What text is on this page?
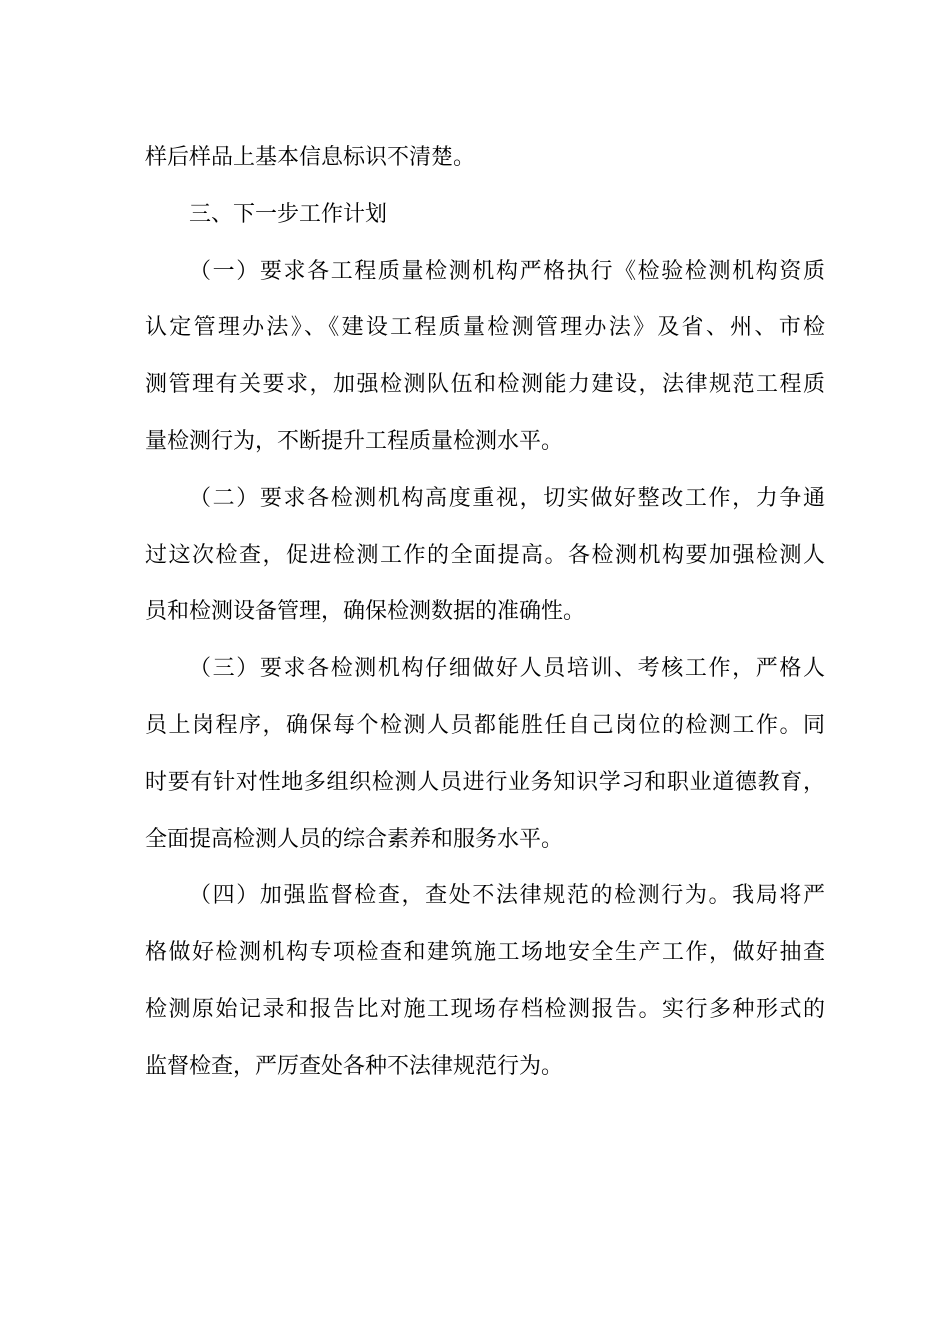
样后样品上基本信息标识不清楚。
三、下一步工作计划
（一）要求各工程质量检测机构严格执行《检验检测机构资质
认定管理办法》、《建设工程质量检测管理办法》及省、州、市检
测管理有关要求，加强检测队伍和检测能力建设，法律规范工程质
量检测行为，不断提升工程质量检测水平。
（二）要求各检测机构高度重视，切实做好整改工作，力争通
过这次检查，促进检测工作的全面提高。各检测机构要加强检测人
员和检测设备管理，确保检测数据的准确性。
（三）要求各检测机构仔细做好人员培训、考核工作，严格人
员上岗程序，确保每个检测人员都能胜任自己岗位的检测工作。同
时要有针对性地多组织检测人员进行业务知识学习和职业道德教育，
全面提高检测人员的综合素养和服务水平。
（四）加强监督检查，查处不法律规范的检测行为。我局将严
格做好检测机构专项检查和建筑施工场地安全生产工作，做好抽查
检测原始记录和报告比对施工现场存档检测报告。实行多种形式的
监督检查，严厉查处各种不法律规范行为。
